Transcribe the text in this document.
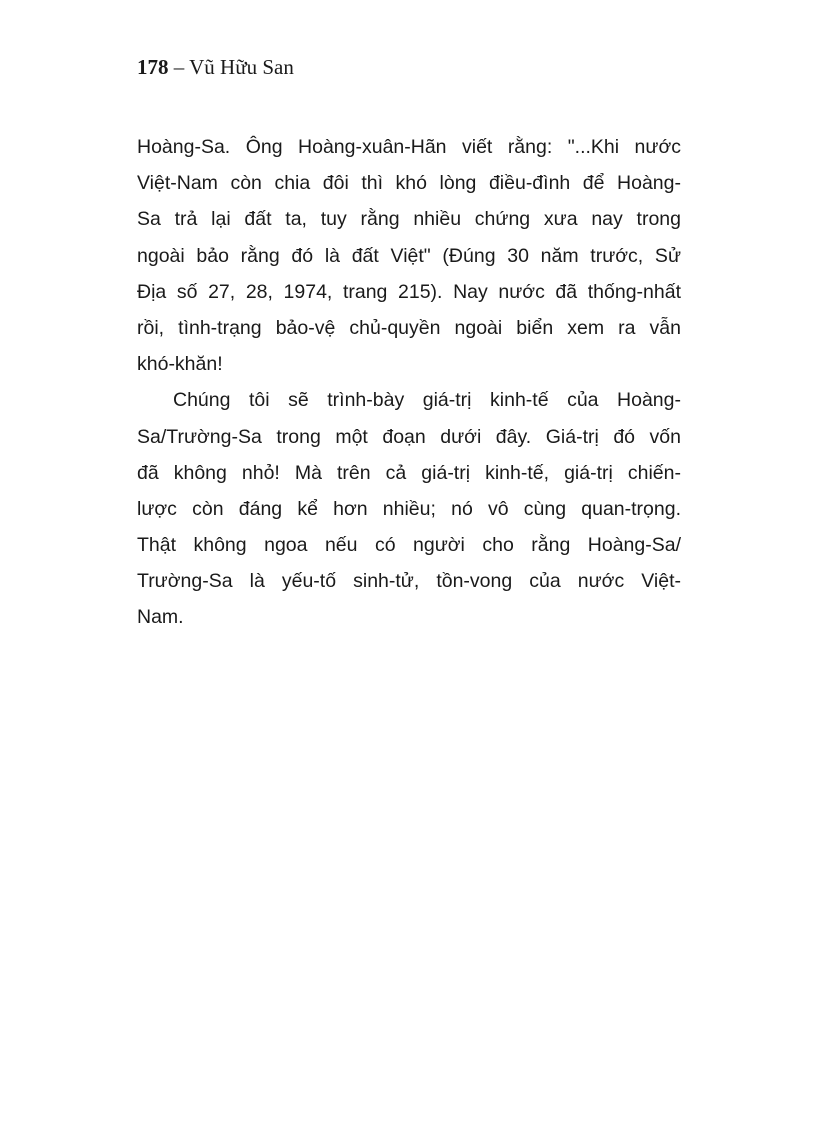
178 – Vũ Hữu San
Hoàng-Sa. Ông Hoàng-xuân-Hãn viết rằng: "...Khi nước
Việt-Nam còn chia đôi thì khó lòng điều-đình để Hoàng-
Sa trả lại đất ta, tuy rằng nhiều chứng xưa nay trong
ngoài bảo rằng đó là đất Việt" (Đúng 30 năm trước, Sử
Địa số 27, 28, 1974, trang 215). Nay nước đã thống-nhất
rồi, tình-trạng bảo-vệ chủ-quyền ngoài biển xem ra vẫn
khó-khăn!
Chúng tôi sẽ trình-bày giá-trị kinh-tế của Hoàng-
Sa/Trường-Sa trong một đoạn dưới đây. Giá-trị đó vốn
đã không nhỏ! Mà trên cả giá-trị kinh-tế, giá-trị chiến-
lược còn đáng kể hơn nhiều; nó vô cùng quan-trọng.
Thật không ngoa nếu có người cho rằng Hoàng-Sa/
Trường-Sa là yếu-tố sinh-tử, tồn-vong của nước Việt-
Nam.
